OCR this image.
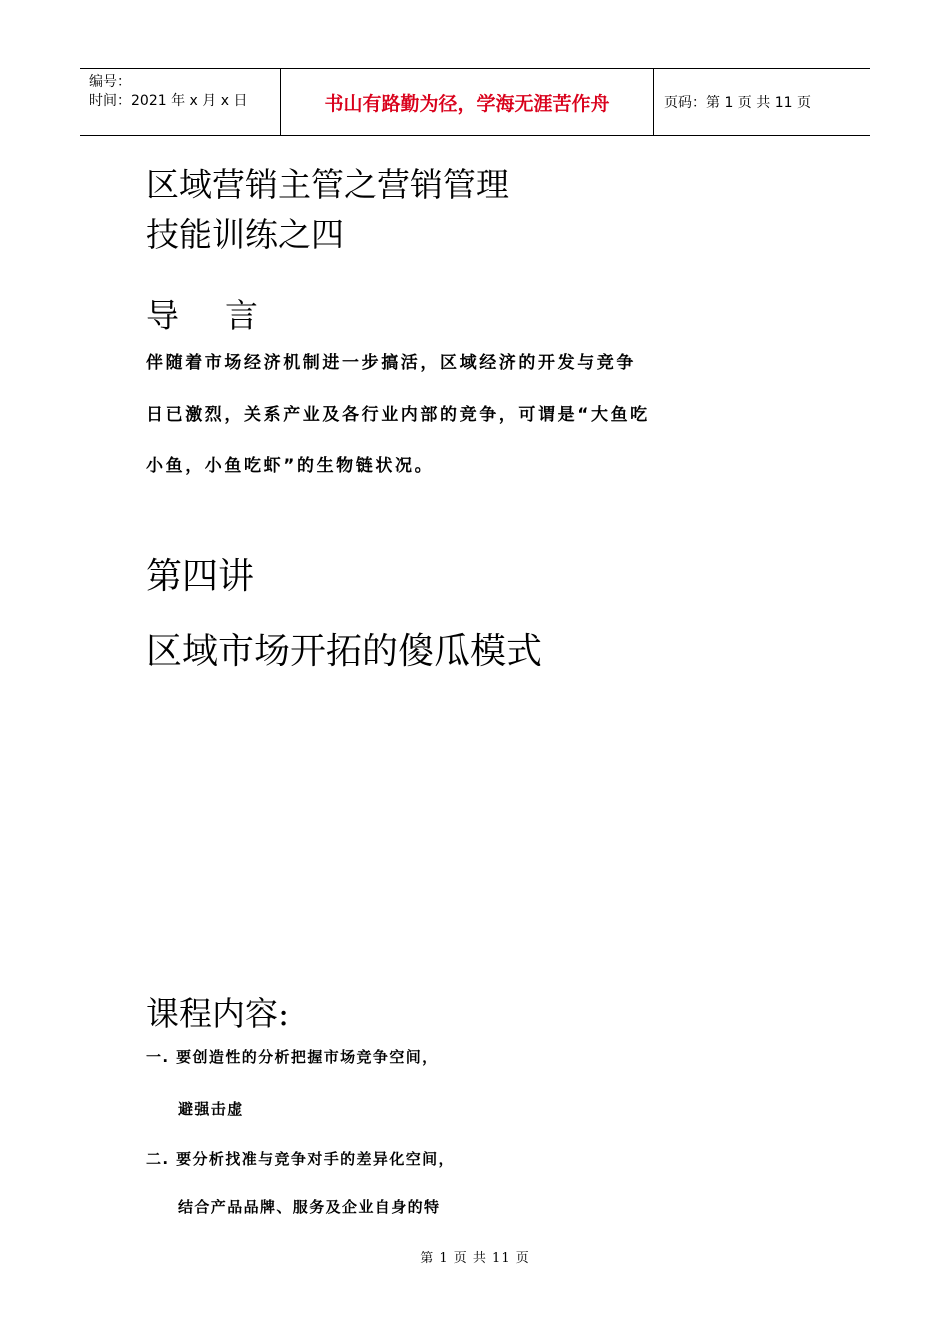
编号：
时间：2021 年 x 月 x 日	书山有路勤为径，学海无涯苦作舟	页码：第 1 页 共 11 页
区域营销主管之营销管理
技能训练之四
导言
伴随着市场经济机制进一步搞活，区域经济的开发与竞争
日已激烈，关系产业及各行业内部的竞争，可谓是“大鱼吃
小鱼，小鱼吃虾”的生物链状况。
第四讲
区域市场开拓的傻瓜模式
课程内容:
一. 要创造性的分析把握市场竞争空间，
避强击虚
二. 要分析找准与竞争对手的差异化空间，
结合产品品牌、服务及企业自身的特
第 1 页 共 11 页
